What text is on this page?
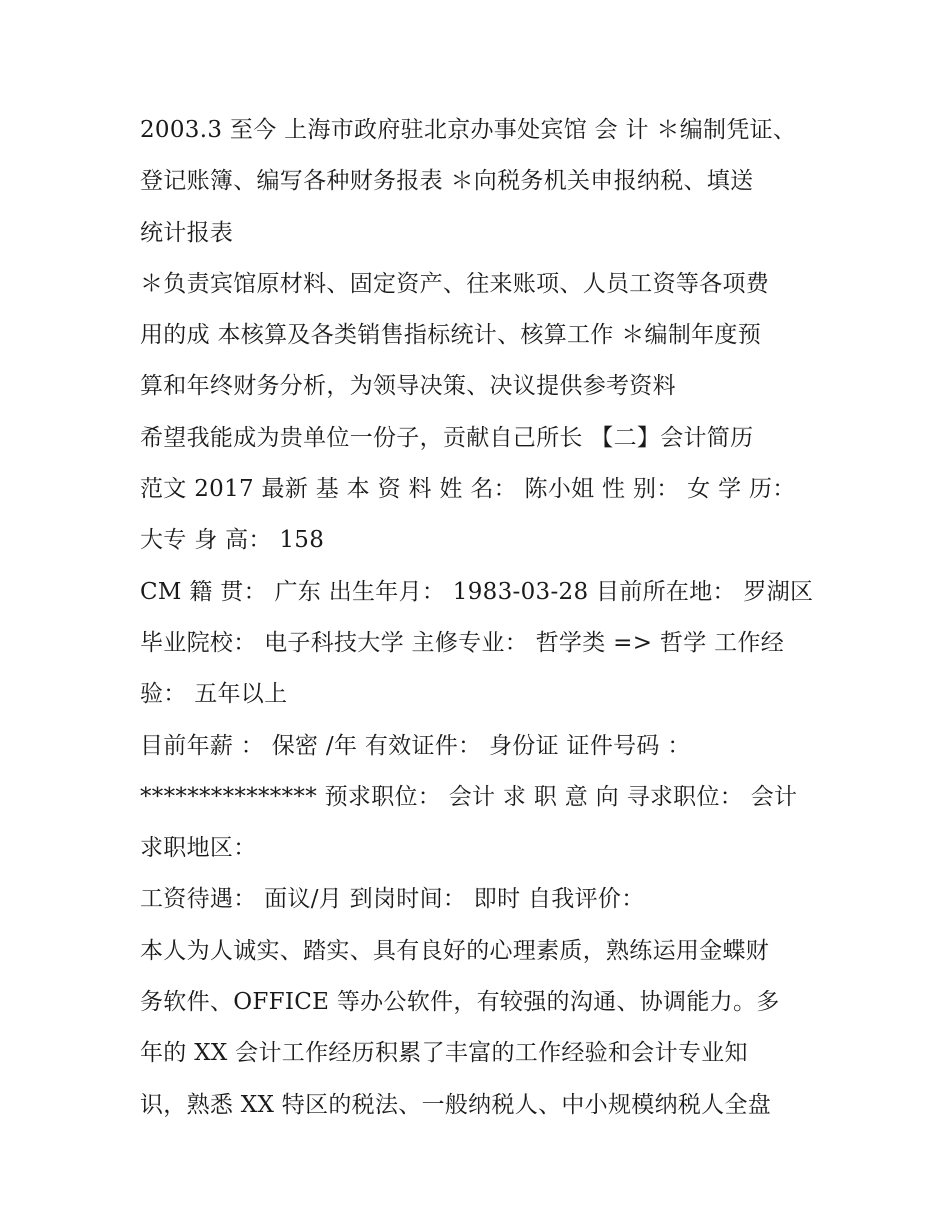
2003.3 至今 上海市政府驻北京办事处宾馆 会 计 ＊编制凭证、
登记账簿、编写各种财务报表 ＊向税务机关申报纳税、填送
统计报表
＊负责宾馆原材料、固定资产、往来账项、人员工资等各项费
用的成 本核算及各类销售指标统计、核算工作 ＊编制年度预
算和年终财务分析，为领导决策、决议提供参考资料
希望我能成为贵单位一份子，贡献自己所长 【二】会计简历
范文 2017 最新 基 本 资 料 姓 名： 陈小姐 性 别： 女 学 历：
大专 身 高： 158
CM 籍 贯： 广东 出生年月： 1983-03-28 目前所在地： 罗湖区
毕业院校： 电子科技大学 主修专业： 哲学类 => 哲学 工作经
验： 五年以上
目前年薪 ： 保密 /年 有效证件： 身份证 证件号码 ：
*************** 预求职位： 会计 求 职 意 向 寻求职位： 会计
求职地区：
工资待遇： 面议/月 到岗时间： 即时 自我评价：
本人为人诚实、踏实、具有良好的心理素质，熟练运用金蝶财
务软件、OFFICE 等办公软件，有较强的沟通、协调能力。多
年的 XX 会计工作经历积累了丰富的工作经验和会计专业知
识，熟悉 XX 特区的税法、一般纳税人、中小规模纳税人全盘
